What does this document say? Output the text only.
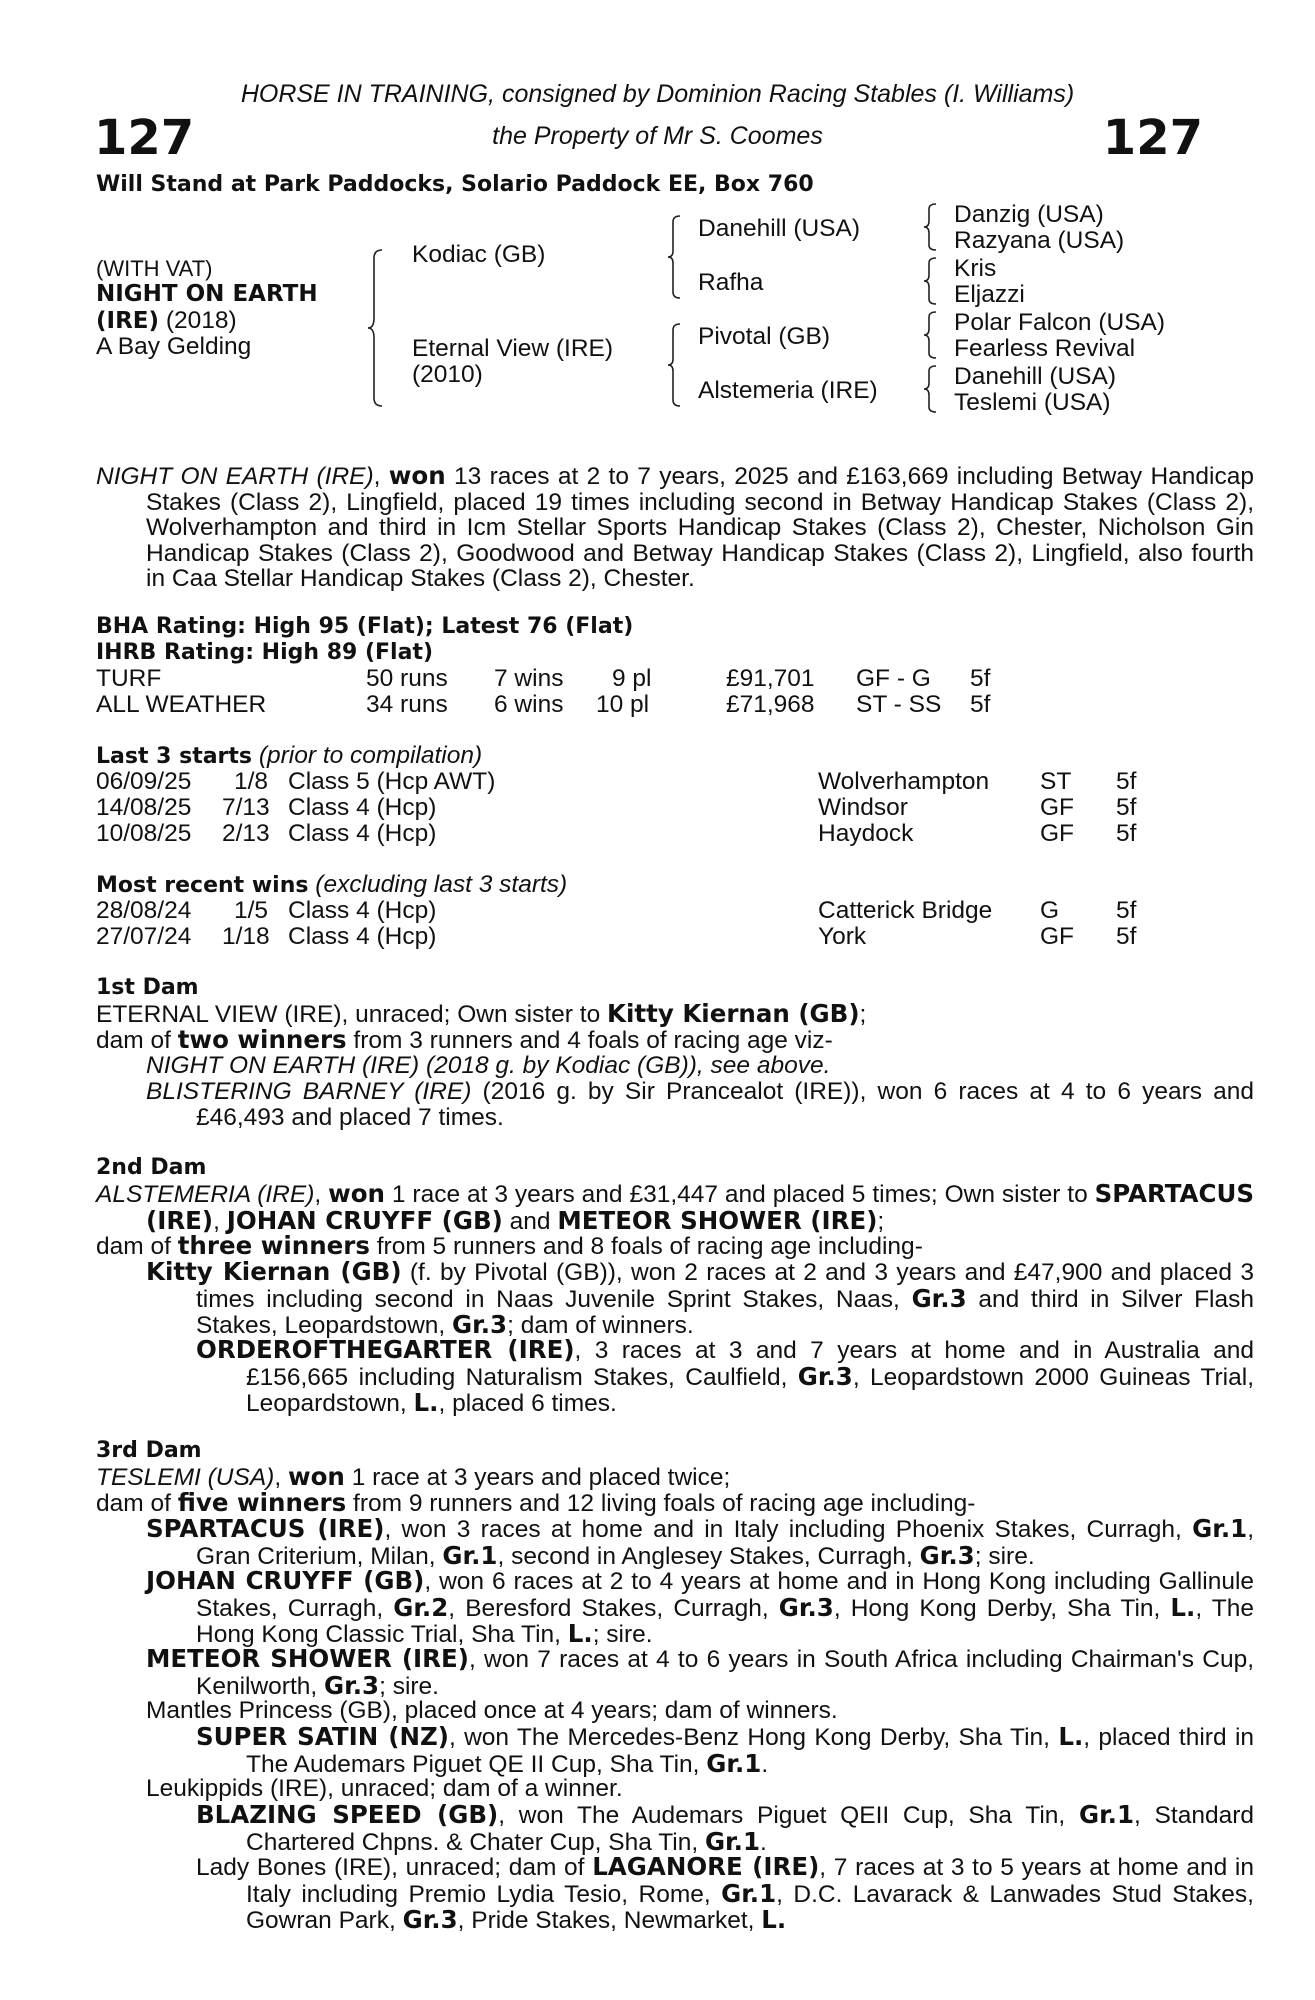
HORSE IN TRAINING, consigned by Dominion Racing Stables (I. Williams)
127	the Property of Mr S. Coomes	127
Will Stand at Park Paddocks, Solario Paddock EE, Box 760
(WITH VAT)
NIGHT ON EARTH
(IRE) (2018)
A Bay Gelding
Kodiac (GB)
Eternal View (IRE)
(2010)
Danehill (USA)
Rafha
Pivotal (GB)
Alstemeria (IRE)
Danzig (USA)
Razyana (USA)
Kris
Eljazzi
Polar Falcon (USA)
Fearless Revival
Danehill (USA)
Teslemi (USA)
NIGHT ON EARTH (IRE), won 13 races at 2 to 7 years, 2025 and £163,669 including Betway Handicap Stakes (Class 2), Lingfield, placed 19 times including second in Betway Handicap Stakes (Class 2), Wolverhampton and third in Icm Stellar Sports Handicap Stakes (Class 2), Chester, Nicholson Gin Handicap Stakes (Class 2), Goodwood and Betway Handicap Stakes (Class 2), Lingfield, also fourth in Caa Stellar Handicap Stakes (Class 2), Chester.
BHA Rating: High 95 (Flat); Latest 76 (Flat)
IHRB Rating: High 89 (Flat)
TURF	50 runs 7 wins 9 pl	£91,701 GF - G 5f
ALL WEATHER	34 runs 6 wins 10 pl	£71,968 ST - SS 5f
Last 3 starts (prior to compilation)
06/09/25 1/8 Class 5 (Hcp AWT)	Wolverhampton ST 5f
14/08/25 7/13 Class 4 (Hcp)	Windsor	GF 5f
10/08/25 2/13 Class 4 (Hcp)	Haydock	GF 5f
Most recent wins (excluding last 3 starts)
28/08/24 1/5 Class 4 (Hcp)	Catterick Bridge G 5f
27/07/24 1/18 Class 4 (Hcp)	York	GF 5f
1st Dam
ETERNAL VIEW (IRE), unraced; Own sister to Kitty Kiernan (GB);
dam of two winners from 3 runners and 4 foals of racing age viz-
NIGHT ON EARTH (IRE) (2018 g. by Kodiac (GB)), see above.
BLISTERING BARNEY (IRE) (2016 g. by Sir Prancealot (IRE)), won 6 races at 4 to 6 years and £46,493 and placed 7 times.
2nd Dam
ALSTEMERIA (IRE), won 1 race at 3 years and £31,447 and placed 5 times; Own sister to SPARTACUS (IRE), JOHAN CRUYFF (GB) and METEOR SHOWER (IRE);
dam of three winners from 5 runners and 8 foals of racing age including-
Kitty Kiernan (GB) (f. by Pivotal (GB)), won 2 races at 2 and 3 years and £47,900 and placed 3 times including second in Naas Juvenile Sprint Stakes, Naas, Gr.3 and third in Silver Flash Stakes, Leopardstown, Gr.3; dam of winners.
ORDEROFTHEGARTER (IRE), 3 races at 3 and 7 years at home and in Australia and £156,665 including Naturalism Stakes, Caulfield, Gr.3, Leopardstown 2000 Guineas Trial, Leopardstown, L., placed 6 times.
3rd Dam
TESLEMI (USA), won 1 race at 3 years and placed twice;
dam of five winners from 9 runners and 12 living foals of racing age including-
SPARTACUS (IRE), won 3 races at home and in Italy including Phoenix Stakes, Curragh, Gr.1, Gran Criterium, Milan, Gr.1, second in Anglesey Stakes, Curragh, Gr.3; sire.
JOHAN CRUYFF (GB), won 6 races at 2 to 4 years at home and in Hong Kong including Gallinule Stakes, Curragh, Gr.2, Beresford Stakes, Curragh, Gr.3, Hong Kong Derby, Sha Tin, L., The Hong Kong Classic Trial, Sha Tin, L.; sire.
METEOR SHOWER (IRE), won 7 races at 4 to 6 years in South Africa including Chairman's Cup, Kenilworth, Gr.3; sire.
Mantles Princess (GB), placed once at 4 years; dam of winners.
SUPER SATIN (NZ), won The Mercedes-Benz Hong Kong Derby, Sha Tin, L., placed third in The Audemars Piguet QE II Cup, Sha Tin, Gr.1.
Leukippids (IRE), unraced; dam of a winner.
BLAZING SPEED (GB), won The Audemars Piguet QEII Cup, Sha Tin, Gr.1, Standard Chartered Chpns. & Chater Cup, Sha Tin, Gr.1.
Lady Bones (IRE), unraced; dam of LAGANORE (IRE), 7 races at 3 to 5 years at home and in Italy including Premio Lydia Tesio, Rome, Gr.1, D.C. Lavarack & Lanwades Stud Stakes, Gowran Park, Gr.3, Pride Stakes, Newmarket, L.
